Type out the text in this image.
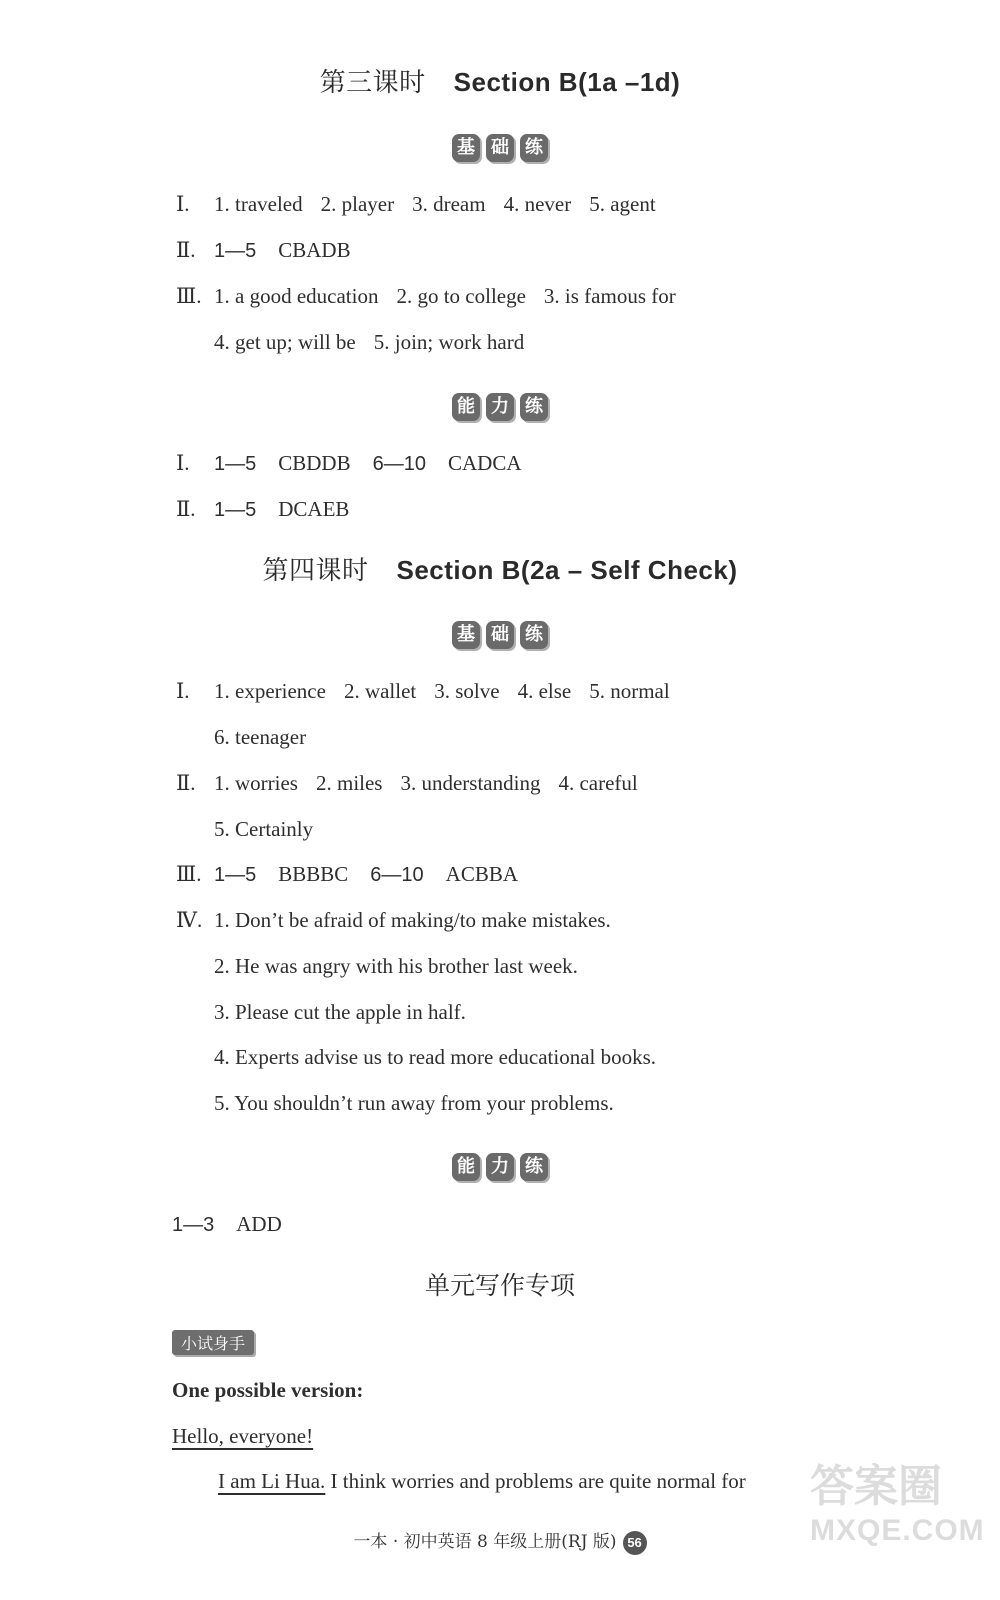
第三课时 Section B(1a –1d)
基 础 练
Ⅰ. 1. traveled 2. player 3. dream 4. never 5. agent
Ⅱ. 1—5 CBADB
Ⅲ. 1. a good education 2. go to college 3. is famous for
4. get up; will be 5. join; work hard
能 力 练
Ⅰ. 1—5 CBDDB 6—10 CADCA
Ⅱ. 1—5 DCAEB
第四课时 Section B(2a – Self Check)
基 础 练
Ⅰ. 1. experience 2. wallet 3. solve 4. else 5. normal
6. teenager
Ⅱ. 1. worries 2. miles 3. understanding 4. careful
5. Certainly
Ⅲ. 1—5 BBBBC 6—10 ACBBA
Ⅳ. 1. Don’t be afraid of making/to make mistakes.
2. He was angry with his brother last week.
3. Please cut the apple in half.
4. Experts advise us to read more educational books.
5. You shouldn’t run away from your problems.
能 力 练
1—3 ADD
单元写作专项
小试身手
One possible version:
Hello, everyone!
I am Li Hua. I think worries and problems are quite normal for
一本 · 初中英语 8 年级上册(RJ 版) 56
答案圈
MXQE.COM
